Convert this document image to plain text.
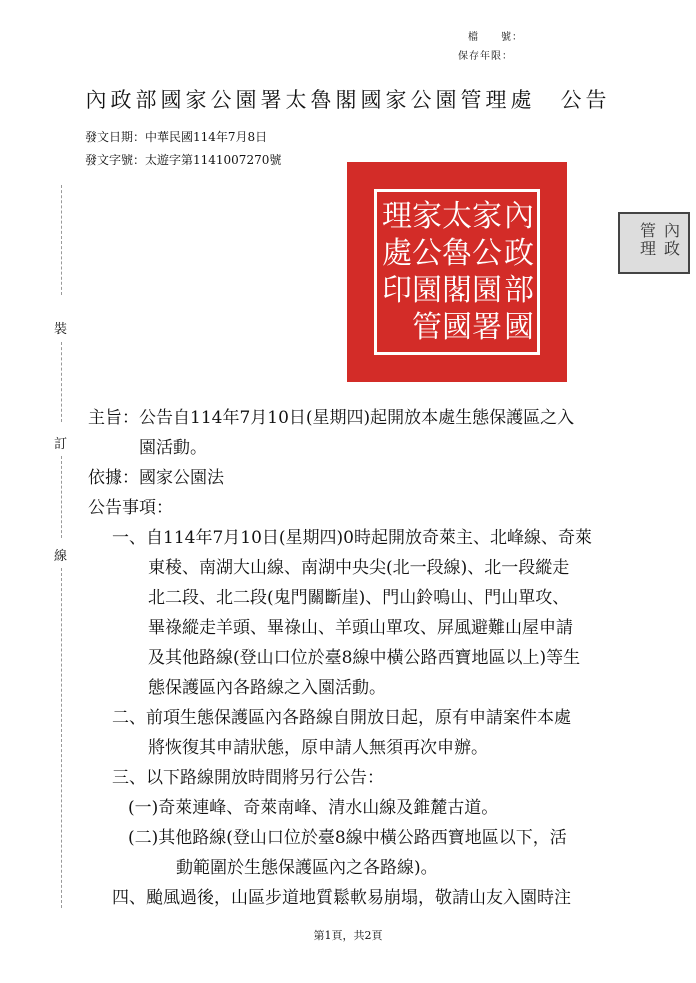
檔　　號：
保存年限：
內政部國家公園署太魯閣國家公園管理處　公告
發文日期：中華民國114年7月8日
發文字號：太遊字第1141007270號
裝
訂
線
內
政
部
國
家
公
園
署
太
魯
閣
國
家
公
園
管
理
處
印
內
政
管
理
主旨：公告自114年7月10日(星期四)起開放本處生態保護區之入
　　　園活動。
依據：國家公園法
公告事項：
一、自114年7月10日(星期四)0時起開放奇萊主、北峰線、奇萊
東稜、南湖大山線、南湖中央尖(北一段線)、北一段縱走
北二段、北二段(鬼門關斷崖)、門山鈴鳴山、門山單攻、
畢祿縱走羊頭、畢祿山、羊頭山單攻、屏風避難山屋申請
及其他路線(登山口位於臺8線中橫公路西寶地區以上)等生
態保護區內各路線之入園活動。
二、前項生態保護區內各路線自開放日起，原有申請案件本處
將恢復其申請狀態，原申請人無須再次申辦。
三、以下路線開放時間將另行公告：
(一)奇萊連峰、奇萊南峰、清水山線及錐麓古道。
(二)其他路線(登山口位於臺8線中橫公路西寶地區以下，活
動範圍於生態保護區內之各路線)。
四、颱風過後，山區步道地質鬆軟易崩塌，敬請山友入園時注
第1頁，共2頁
